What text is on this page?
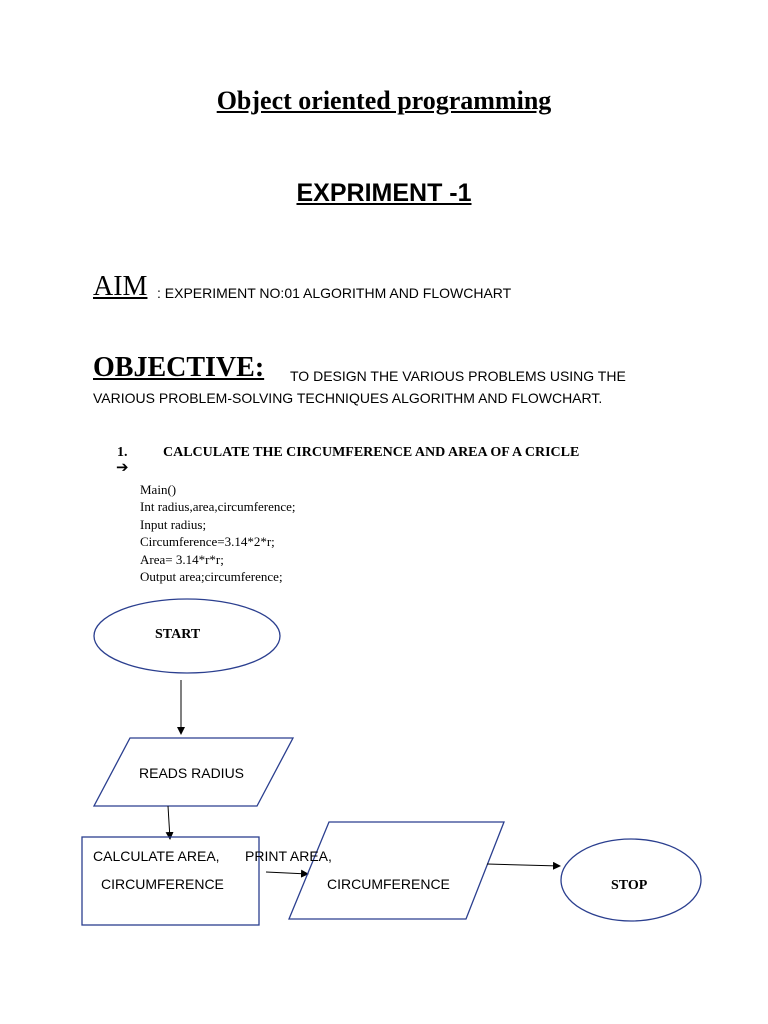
Object oriented programming
EXPRIMENT -1
AIM : EXPERIMENT NO:01 ALGORITHM AND FLOWCHART
OBJECTIVE: TO DESIGN THE VARIOUS PROBLEMS USING THE
VARIOUS PROBLEM-SOLVING TECHNIQUES ALGORITHM AND FLOWCHART.
1.	CALCULATE THE CIRCUMFERENCE AND AREA OF A CRICLE
➔
Main()
Int radius,area,circumference;
Input radius;
Circumference=3.14*2*r;
Area= 3.14*r*r;
Output area;circumference;
START
READS RADIUS
CALCULATE AREA,
CIRCUMFERENCE
PRINT AREA,
CIRCUMFERENCE	STOP
